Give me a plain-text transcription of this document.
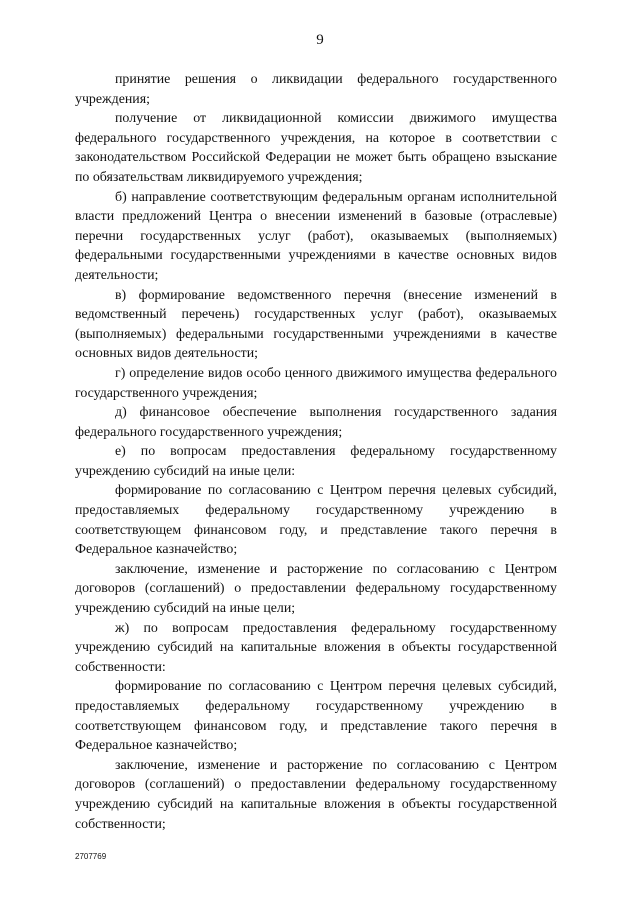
9

принятие решения о ликвидации федерального государственного учреждения;

получение от ликвидационной комиссии движимого имущества федерального государственного учреждения, на которое в соответствии с законодательством Российской Федерации не может быть обращено взыскание по обязательствам ликвидируемого учреждения;

б) направление соответствующим федеральным органам исполнительной власти предложений Центра о внесении изменений в базовые (отраслевые) перечни государственных услуг (работ), оказываемых (выполняемых) федеральными государственными учреждениями в качестве основных видов деятельности;

в) формирование ведомственного перечня (внесение изменений в ведомственный перечень) государственных услуг (работ), оказываемых (выполняемых) федеральными государственными учреждениями в качестве основных видов деятельности;

г) определение видов особо ценного движимого имущества федерального государственного учреждения;

д) финансовое обеспечение выполнения государственного задания федерального государственного учреждения;

е) по вопросам предоставления федеральному государственному учреждению субсидий на иные цели:

формирование по согласованию с Центром перечня целевых субсидий, предоставляемых федеральному государственному учреждению в соответствующем финансовом году, и представление такого перечня в Федеральное казначейство;

заключение, изменение и расторжение по согласованию с Центром договоров (соглашений) о предоставлении федеральному государственному учреждению субсидий на иные цели;

ж) по вопросам предоставления федеральному государственному учреждению субсидий на капитальные вложения в объекты государственной собственности:

формирование по согласованию с Центром перечня целевых субсидий, предоставляемых федеральному государственному учреждению в соответствующем финансовом году, и представление такого перечня в Федеральное казначейство;

заключение, изменение и расторжение по согласованию с Центром договоров (соглашений) о предоставлении федеральному государственному учреждению субсидий на капитальные вложения в объекты государственной собственности;

2707769
